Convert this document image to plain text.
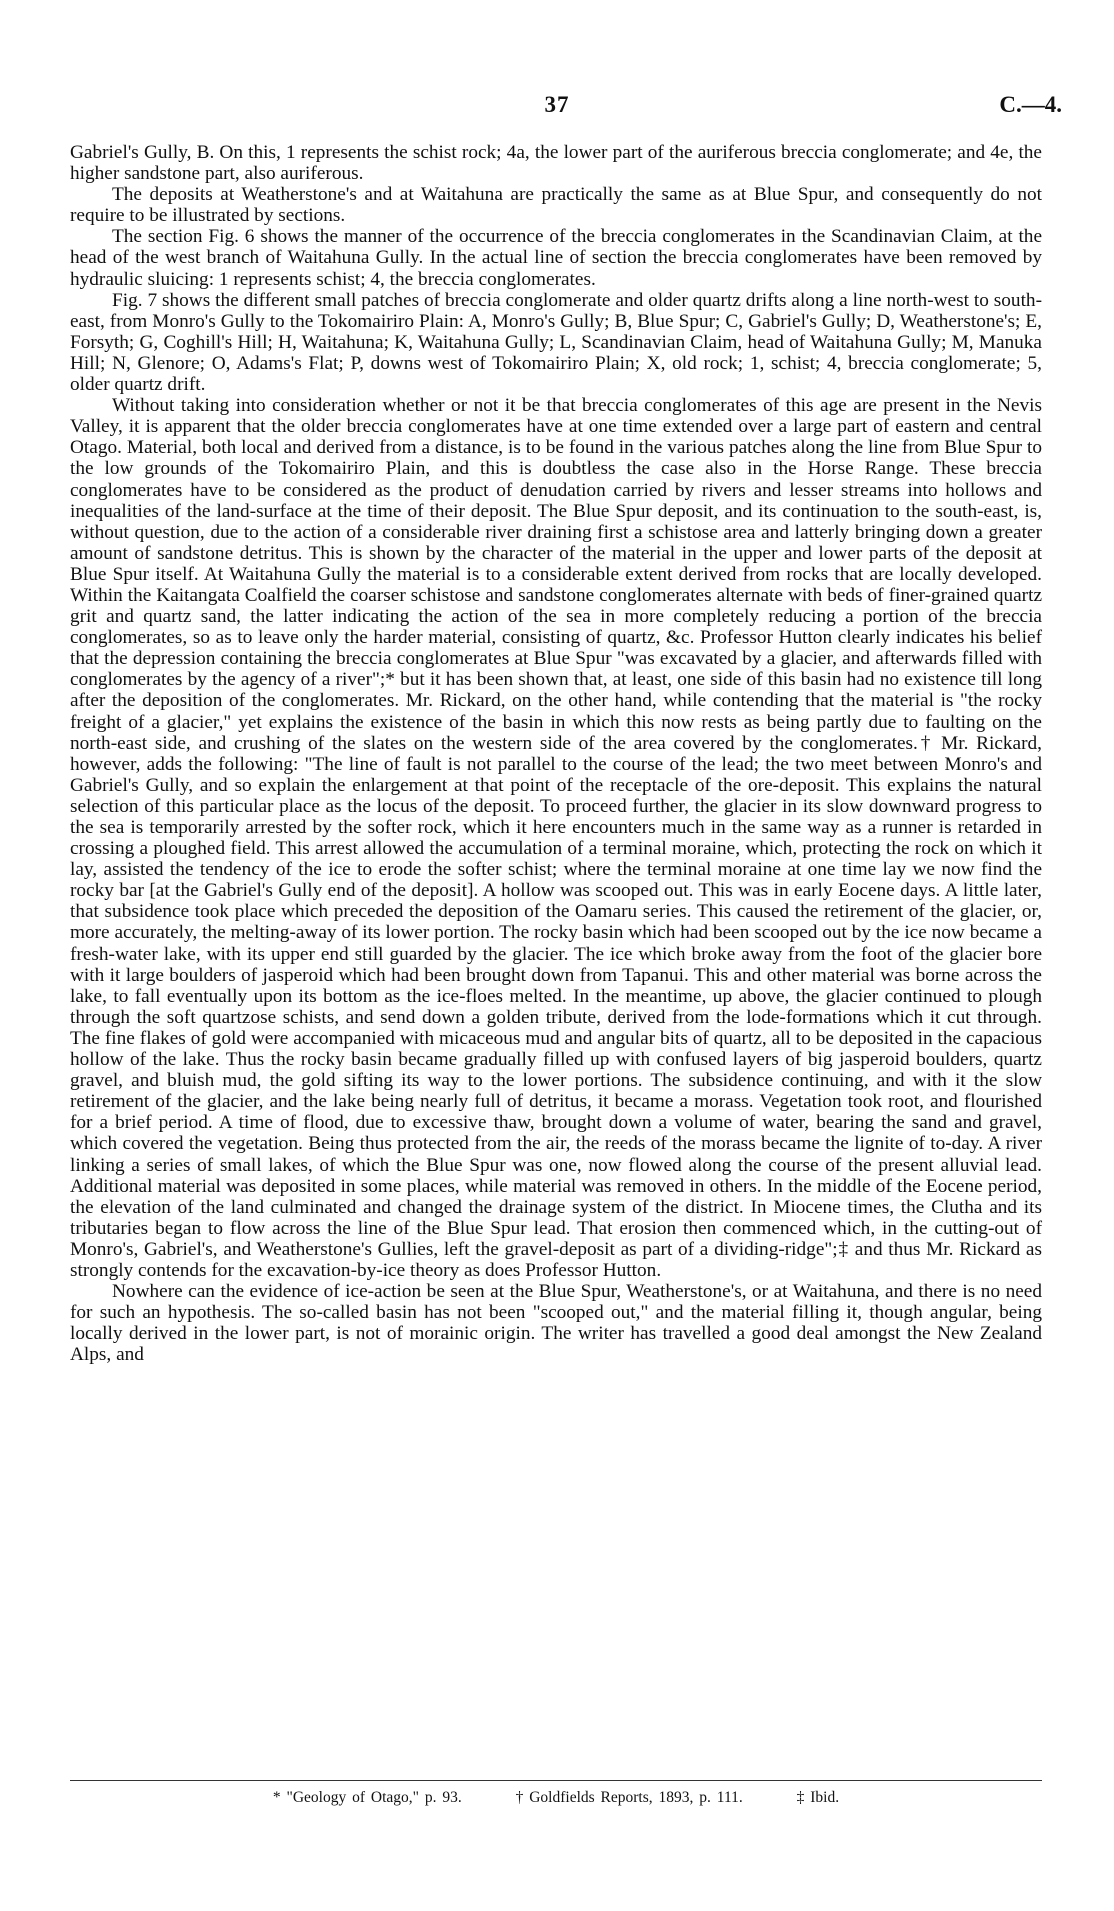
37	C.—4.

Gabriel's Gully, B. On this, 1 represents the schist rock; 4a, the lower part of the auriferous breccia conglomerate; and 4e, the higher sandstone part, also auriferous.

The deposits at Weatherstone's and at Waitahuna are practically the same as at Blue Spur, and consequently do not require to be illustrated by sections.

The section Fig. 6 shows the manner of the occurrence of the breccia conglomerates in the Scandinavian Claim, at the head of the west branch of Waitahuna Gully. In the actual line of section the breccia conglomerates have been removed by hydraulic sluicing: 1 represents schist; 4, the breccia conglomerates.

Fig. 7 shows the different small patches of breccia conglomerate and older quartz drifts along a line north-west to south-east, from Monro's Gully to the Tokomairiro Plain: A, Monro's Gully; B, Blue Spur; C, Gabriel's Gully; D, Weatherstone's; E, Forsyth; G, Coghill's Hill; H, Waitahuna; K, Waitahuna Gully; L, Scandinavian Claim, head of Waitahuna Gully; M, Manuka Hill; N, Glenore; O, Adams's Flat; P, downs west of Tokomairiro Plain; X, old rock; 1, schist; 4, breccia conglomerate; 5, older quartz drift.

Without taking into consideration whether or not it be that breccia conglomerates of this age are present in the Nevis Valley, it is apparent that the older breccia conglomerates have at one time extended over a large part of eastern and central Otago. Material, both local and derived from a distance, is to be found in the various patches along the line from Blue Spur to the low grounds of the Tokomairiro Plain, and this is doubtless the case also in the Horse Range. These breccia conglomerates have to be considered as the product of denudation carried by rivers and lesser streams into hollows and inequalities of the land-surface at the time of their deposit. The Blue Spur deposit, and its continuation to the south-east, is, without question, due to the action of a considerable river draining first a schistose area and latterly bringing down a greater amount of sandstone detritus. This is shown by the character of the material in the upper and lower parts of the deposit at Blue Spur itself. At Waitahuna Gully the material is to a considerable extent derived from rocks that are locally developed. Within the Kaitangata Coalfield the coarser schistose and sandstone conglomerates alternate with beds of finer-grained quartz grit and quartz sand, the latter indicating the action of the sea in more completely reducing a portion of the breccia conglomerates, so as to leave only the harder material, consisting of quartz, &c. Professor Hutton clearly indicates his belief that the depression containing the breccia conglomerates at Blue Spur "was excavated by a glacier, and afterwards filled with conglomerates by the agency of a river";* but it has been shown that, at least, one side of this basin had no existence till long after the deposition of the conglomerates. Mr. Rickard, on the other hand, while contending that the material is "the rocky freight of a glacier," yet explains the existence of the basin in which this now rests as being partly due to faulting on the north-east side, and crushing of the slates on the western side of the area covered by the conglomerates.† Mr. Rickard, however, adds the following: "The line of fault is not parallel to the course of the lead; the two meet between Monro's and Gabriel's Gully, and so explain the enlargement at that point of the receptacle of the ore-deposit. This explains the natural selection of this particular place as the locus of the deposit. To proceed further, the glacier in its slow downward progress to the sea is temporarily arrested by the softer rock, which it here encounters much in the same way as a runner is retarded in crossing a ploughed field. This arrest allowed the accumulation of a terminal moraine, which, protecting the rock on which it lay, assisted the tendency of the ice to erode the softer schist; where the terminal moraine at one time lay we now find the rocky bar [at the Gabriel's Gully end of the deposit]. A hollow was scooped out. This was in early Eocene days. A little later, that subsidence took place which preceded the deposition of the Oamaru series. This caused the retirement of the glacier, or, more accurately, the melting-away of its lower portion. The rocky basin which had been scooped out by the ice now became a fresh-water lake, with its upper end still guarded by the glacier. The ice which broke away from the foot of the glacier bore with it large boulders of jasperoid which had been brought down from Tapanui. This and other material was borne across the lake, to fall eventually upon its bottom as the ice-floes melted. In the meantime, up above, the glacier continued to plough through the soft quartzose schists, and send down a golden tribute, derived from the lode-formations which it cut through. The fine flakes of gold were accompanied with micaceous mud and angular bits of quartz, all to be deposited in the capacious hollow of the lake. Thus the rocky basin became gradually filled up with confused layers of big jasperoid boulders, quartz gravel, and bluish mud, the gold sifting its way to the lower portions. The subsidence continuing, and with it the slow retirement of the glacier, and the lake being nearly full of detritus, it became a morass. Vegetation took root, and flourished for a brief period. A time of flood, due to excessive thaw, brought down a volume of water, bearing the sand and gravel, which covered the vegetation. Being thus protected from the air, the reeds of the morass became the lignite of to-day. A river linking a series of small lakes, of which the Blue Spur was one, now flowed along the course of the present alluvial lead. Additional material was deposited in some places, while material was removed in others. In the middle of the Eocene period, the elevation of the land culminated and changed the drainage system of the district. In Miocene times, the Clutha and its tributaries began to flow across the line of the Blue Spur lead. That erosion then commenced which, in the cutting-out of Monro's, Gabriel's, and Weatherstone's Gullies, left the gravel-deposit as part of a dividing-ridge";‡ and thus Mr. Rickard as strongly contends for the excavation-by-ice theory as does Professor Hutton.

Nowhere can the evidence of ice-action be seen at the Blue Spur, Weatherstone's, or at Waitahuna, and there is no need for such an hypothesis. The so-called basin has not been "scooped out," and the material filling it, though angular, being locally derived in the lower part, is not of morainic origin. The writer has travelled a good deal amongst the New Zealand Alps, and

* "Geology of Otago," p. 93.	† Goldfields Reports, 1893, p. 111.	‡ Ibid.
